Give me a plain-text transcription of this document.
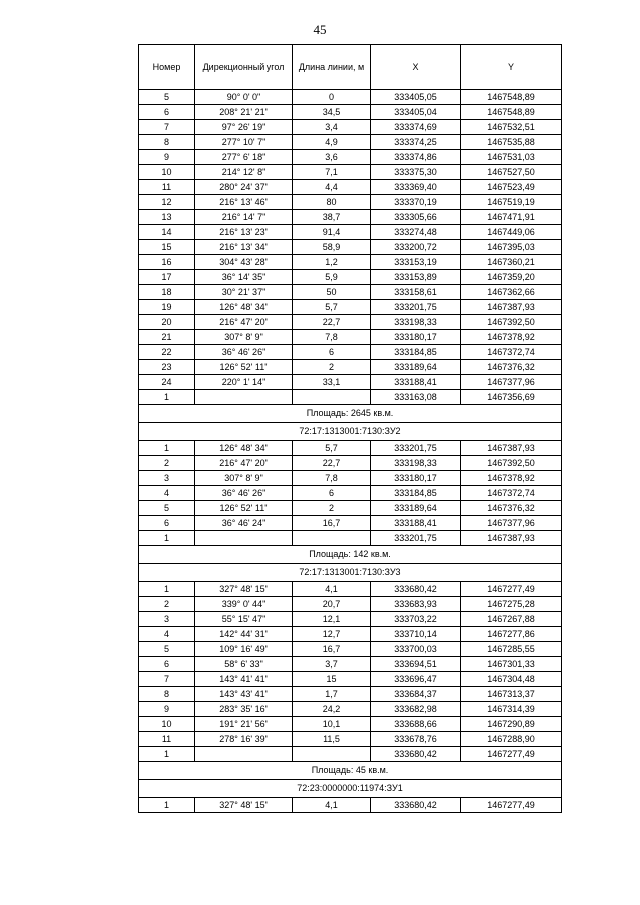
45
Номер	Дирекционный угол	Длина линии, м	X	Y
5	90° 0' 0"	0	333405,05	1467548,89
6	208° 21' 21"	34,5	333405,04	1467548,89
7	97° 26' 19"	3,4	333374,69	1467532,51
8	277° 10' 7"	4,9	333374,25	1467535,88
9	277° 6' 18"	3,6	333374,86	1467531,03
10	214° 12' 8"	7,1	333375,30	1467527,50
11	280° 24' 37"	4,4	333369,40	1467523,49
12	216° 13' 46"	80	333370,19	1467519,19
13	216° 14' 7"	38,7	333305,66	1467471,91
14	216° 13' 23"	91,4	333274,48	1467449,06
15	216° 13' 34"	58,9	333200,72	1467395,03
16	304° 43' 28"	1,2	333153,19	1467360,21
17	36° 14' 35"	5,9	333153,89	1467359,20
18	30° 21' 37"	50	333158,61	1467362,66
19	126° 48' 34"	5,7	333201,75	1467387,93
20	216° 47' 20"	22,7	333198,33	1467392,50
21	307° 8' 9"	7,8	333180,17	1467378,92
22	36° 46' 26"	6	333184,85	1467372,74
23	126° 52' 11"	2	333189,64	1467376,32
24	220° 1' 14"	33,1	333188,41	1467377,96
1			333163,08	1467356,69
Площадь: 2645 кв.м.				
72:17:1313001:7130:ЗУ2				
1	126° 48' 34"	5,7	333201,75	1467387,93
2	216° 47' 20"	22,7	333198,33	1467392,50
3	307° 8' 9"	7,8	333180,17	1467378,92
4	36° 46' 26"	6	333184,85	1467372,74
5	126° 52' 11"	2	333189,64	1467376,32
6	36° 46' 24"	16,7	333188,41	1467377,96
1			333201,75	1467387,93
Площадь: 142 кв.м.				
72:17:1313001:7130:ЗУ3				
1	327° 48' 15"	4,1	333680,42	1467277,49
2	339° 0' 44"	20,7	333683,93	1467275,28
3	55° 15' 47"	12,1	333703,22	1467267,88
4	142° 44' 31"	12,7	333710,14	1467277,86
5	109° 16' 49"	16,7	333700,03	1467285,55
6	58° 6' 33"	3,7	333694,51	1467301,33
7	143° 41' 41"	15	333696,47	1467304,48
8	143° 43' 41"	1,7	333684,37	1467313,37
9	283° 35' 16"	24,2	333682,98	1467314,39
10	191° 21' 56"	10,1	333688,66	1467290,89
11	278° 16' 39"	11,5	333678,76	1467288,90
1			333680,42	1467277,49
Площадь: 45 кв.м.				
72:23:0000000:11974:ЗУ1				
1	327° 48' 15"	4,1	333680,42	1467277,49
